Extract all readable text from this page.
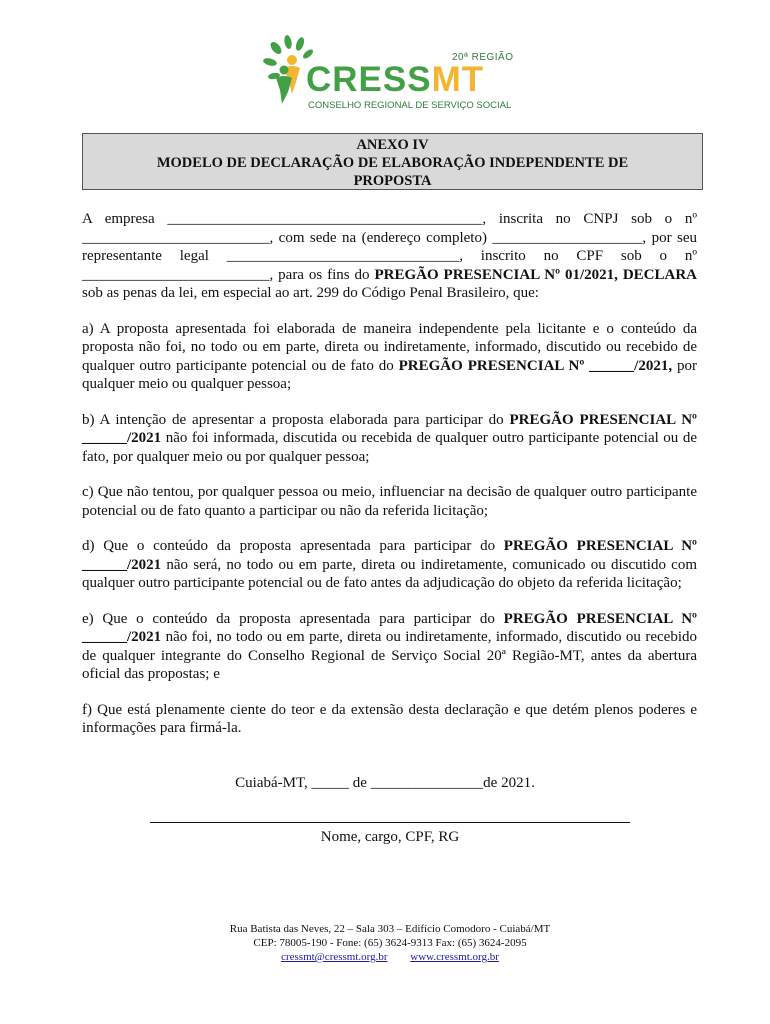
20ª REGIÃO
CRESSMT
CONSELHO REGIONAL DE SERVIÇO SOCIAL
ANEXO IV
MODELO DE DECLARAÇÃO DE ELABORAÇÃO INDEPENDENTE DE
PROPOSTA

A empresa __________________________________________, inscrita no CNPJ sob o nº _________________________, com sede na (endereço completo) ____________________, por seu representante legal _______________________________, inscrito no CPF sob o nº _________________________, para os fins do PREGÃO PRESENCIAL Nº 01/2021, DECLARA sob as penas da lei, em especial ao art. 299 do Código Penal Brasileiro, que:

a) A proposta apresentada foi elaborada de maneira independente pela licitante e o conteúdo da proposta não foi, no todo ou em parte, direta ou indiretamente, informado, discutido ou recebido de qualquer outro participante potencial ou de fato do PREGÃO PRESENCIAL Nº ______/2021, por qualquer meio ou qualquer pessoa;

b) A intenção de apresentar a proposta elaborada para participar do PREGÃO PRESENCIAL Nº ______/2021 não foi informada, discutida ou recebida de qualquer outro participante potencial ou de fato, por qualquer meio ou por qualquer pessoa;

c) Que não tentou, por qualquer pessoa ou meio, influenciar na decisão de qualquer outro participante potencial ou de fato quanto a participar ou não da referida licitação;

d) Que o conteúdo da proposta apresentada para participar do PREGÃO PRESENCIAL Nº ______/2021 não será, no todo ou em parte, direta ou indiretamente, comunicado ou discutido com qualquer outro participante potencial ou de fato antes da adjudicação do objeto da referida licitação;

e) Que o conteúdo da proposta apresentada para participar do PREGÃO PRESENCIAL Nº ______/2021 não foi, no todo ou em parte, direta ou indiretamente, informado, discutido ou recebido de qualquer integrante do Conselho Regional de Serviço Social 20ª Região-MT, antes da abertura oficial das propostas; e

f) Que está plenamente ciente do teor e da extensão desta declaração e que detém plenos poderes e informações para firmá-la.

Cuiabá-MT, _____ de _______________de 2021.
Nome, cargo, CPF, RG
Rua Batista das Neves, 22 – Sala 303 – Edifício Comodoro - Cuiabá/MT
CEP: 78005-190 - Fone: (65) 3624-9313 Fax: (65) 3624-2095
cressmt@cressmt.org.br www.cressmt.org.br
